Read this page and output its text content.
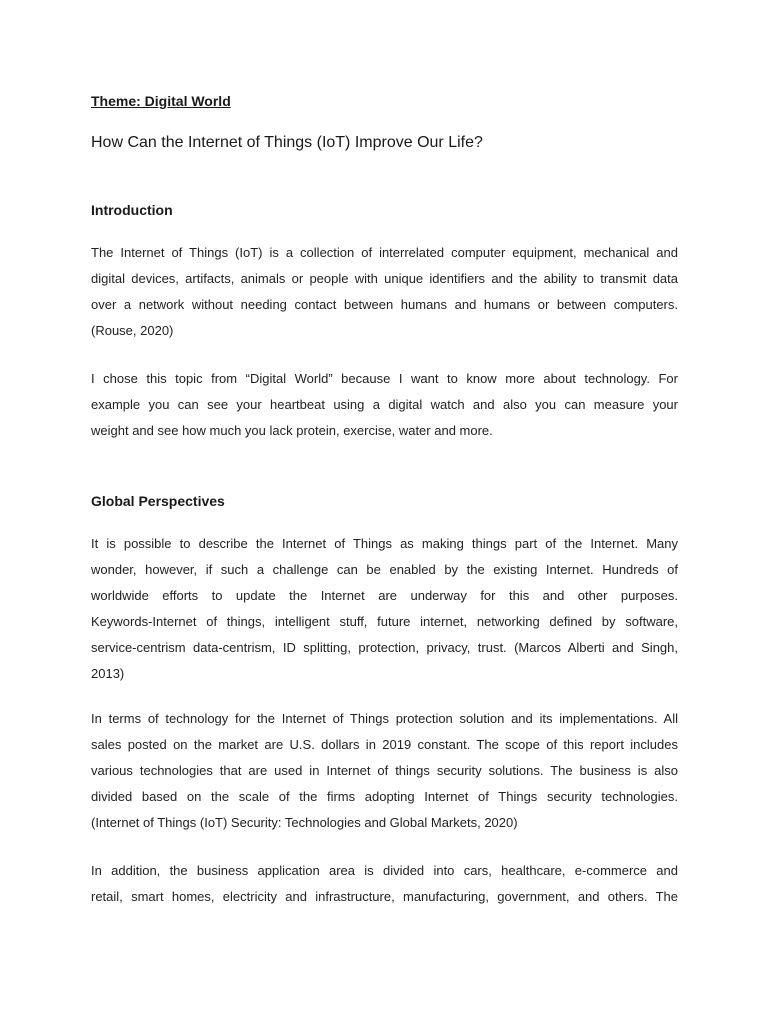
Theme: Digital World
How Can the Internet of Things (IoT) Improve Our Life?
Introduction
The Internet of Things (IoT) is a collection of interrelated computer equipment, mechanical and
digital devices, artifacts, animals or people with unique identifiers and the ability to transmit data
over a network without needing contact between humans and humans or between computers.
(Rouse, 2020)
I chose this topic from “Digital World” because I want to know more about technology. For
example you can see your heartbeat using a digital watch and also you can measure your
weight and see how much you lack protein, exercise, water and more.
Global Perspectives
It is possible to describe the Internet of Things as making things part of the Internet. Many
wonder, however, if such a challenge can be enabled by the existing Internet. Hundreds of
worldwide efforts to update the Internet are underway for this and other purposes.
Keywords-Internet of things, intelligent stuff, future internet, networking defined by software,
service-centrism data-centrism, ID splitting, protection, privacy, trust. (Marcos Alberti and Singh,
2013)
In terms of technology for the Internet of Things protection solution and its implementations. All
sales posted on the market are U.S. dollars in 2019 constant. The scope of this report includes
various technologies that are used in Internet of things security solutions. The business is also
divided based on the scale of the firms adopting Internet of Things security technologies.
(Internet of Things (IoT) Security: Technologies and Global Markets, 2020)
In addition, the business application area is divided into cars, healthcare, e-commerce and
retail, smart homes, electricity and infrastructure, manufacturing, government, and others. The
